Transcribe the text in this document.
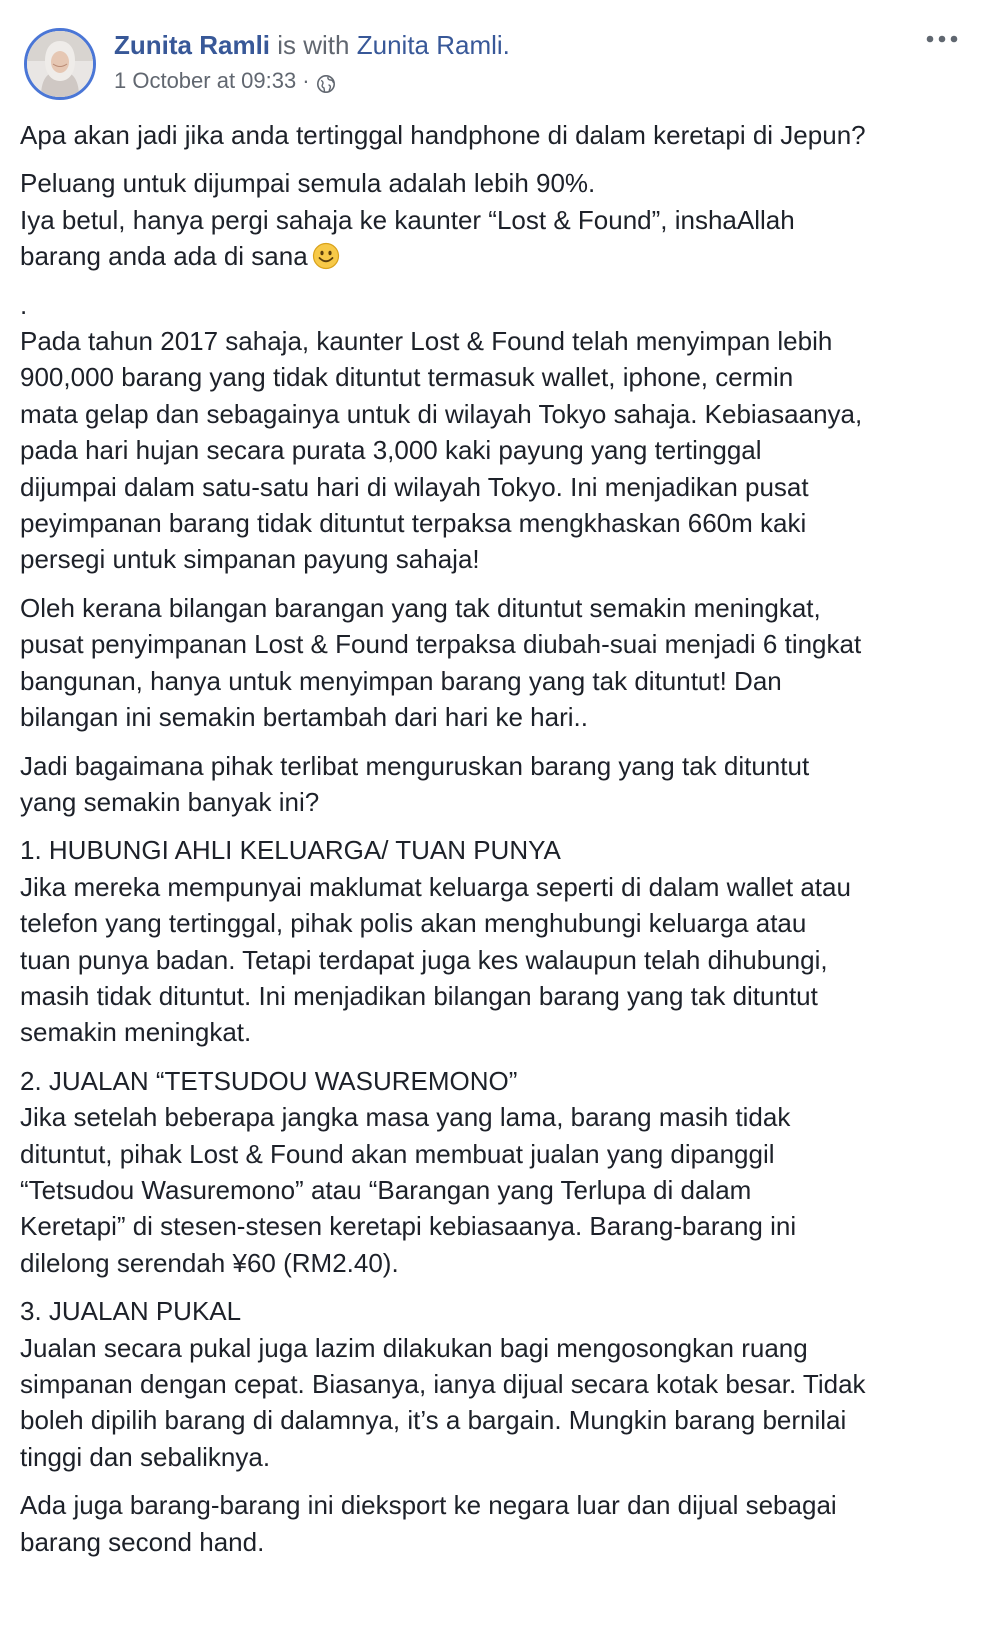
Zunita Ramli is with Zunita Ramli.
1 October at 09:33 ·

Apa akan jadi jika anda tertinggal handphone di dalam keretapi di Jepun?

Peluang untuk dijumpai semula adalah lebih 90%.
Iya betul, hanya pergi sahaja ke kaunter “Lost & Found”, inshaAllah
barang anda ada di sana

.
Pada tahun 2017 sahaja, kaunter Lost & Found telah menyimpan lebih
900,000 barang yang tidak dituntut termasuk wallet, iphone, cermin
mata gelap dan sebagainya untuk di wilayah Tokyo sahaja. Kebiasaanya,
pada hari hujan secara purata 3,000 kaki payung yang tertinggal
dijumpai dalam satu-satu hari di wilayah Tokyo. Ini menjadikan pusat
peyimpanan barang tidak dituntut terpaksa mengkhaskan 660m kaki
persegi untuk simpanan payung sahaja!

Oleh kerana bilangan barangan yang tak dituntut semakin meningkat,
pusat penyimpanan Lost & Found terpaksa diubah-suai menjadi 6 tingkat
bangunan, hanya untuk menyimpan barang yang tak dituntut! Dan
bilangan ini semakin bertambah dari hari ke hari..

Jadi bagaimana pihak terlibat menguruskan barang yang tak dituntut
yang semakin banyak ini?

1. HUBUNGI AHLI KELUARGA/ TUAN PUNYA
Jika mereka mempunyai maklumat keluarga seperti di dalam wallet atau
telefon yang tertinggal, pihak polis akan menghubungi keluarga atau
tuan punya badan. Tetapi terdapat juga kes walaupun telah dihubungi,
masih tidak dituntut. Ini menjadikan bilangan barang yang tak dituntut
semakin meningkat.

2. JUALAN “TETSUDOU WASUREMONO”
Jika setelah beberapa jangka masa yang lama, barang masih tidak
dituntut, pihak Lost & Found akan membuat jualan yang dipanggil
“Tetsudou Wasuremono” atau “Barangan yang Terlupa di dalam
Keretapi” di stesen-stesen keretapi kebiasaanya. Barang-barang ini
dilelong serendah ¥60 (RM2.40).

3. JUALAN PUKAL
Jualan secara pukal juga lazim dilakukan bagi mengosongkan ruang
simpanan dengan cepat. Biasanya, ianya dijual secara kotak besar. Tidak
boleh dipilih barang di dalamnya, it’s a bargain. Mungkin barang bernilai
tinggi dan sebaliknya.

Ada juga barang-barang ini dieksport ke negara luar dan dijual sebagai
barang second hand.
